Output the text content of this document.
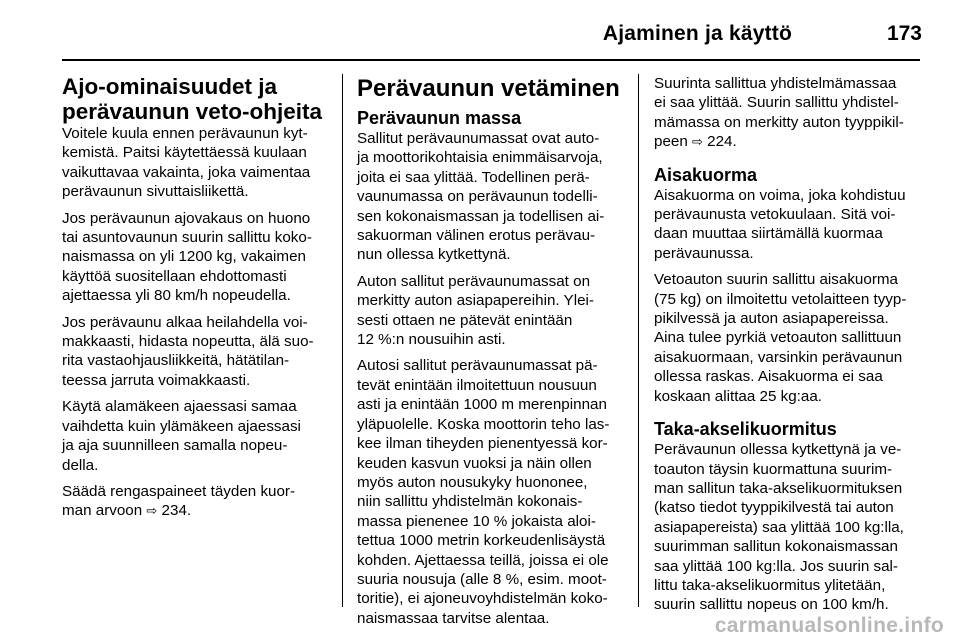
Ajaminen ja käyttö	173
Ajo-ominaisuudet ja
perävaunun veto-ohjeita
Voitele kuula ennen perävaunun kyt-
kemistä. Paitsi käytettäessä kuulaan
vaikuttavaa vakainta, joka vaimentaa
perävaunun sivuttaisliikettä.
Jos perävaunun ajovakaus on huono
tai asuntovaunun suurin sallittu koko-
naismassa on yli 1200 kg, vakaimen
käyttöä suositellaan ehdottomasti
ajettaessa yli 80 km/h nopeudella.
Jos perävaunu alkaa heilahdella voi-
makkaasti, hidasta nopeutta, älä suo-
rita vastaohjausliikkeitä, hätätilan-
teessa jarruta voimakkaasti.
Käytä alamäkeen ajaessasi samaa
vaihdetta kuin ylämäkeen ajaessasi
ja aja suunnilleen samalla nopeu-
della.
Säädä rengaspaineet täyden kuor-
man arvoon ⇨ 234.
Perävaunun vetäminen
Perävaunun massa
Sallitut perävaunumassat ovat auto-
ja moottorikohtaisia enimmäisarvoja,
joita ei saa ylittää. Todellinen perä-
vaunumassa on perävaunun todelli-
sen kokonaismassan ja todellisen ai-
sakuorman välinen erotus perävau-
nun ollessa kytkettynä.
Auton sallitut perävaunumassat on
merkitty auton asiapapereihin. Ylei-
sesti ottaen ne pätevät enintään
12 %:n nousuihin asti.
Autosi sallitut perävaunumassat pä-
tevät enintään ilmoitettuun nousuun
asti ja enintään 1000 m merenpinnan
yläpuolelle. Koska moottorin teho las-
kee ilman tiheyden pienentyessä kor-
keuden kasvun vuoksi ja näin ollen
myös auton nousukyky huononee,
niin sallittu yhdistelmän kokonais-
massa pienenee 10 % jokaista aloi-
tettua 1000 metrin korkeudenlisäystä
kohden. Ajettaessa teillä, joissa ei ole
suuria nousuja (alle 8 %, esim. moot-
toritie), ei ajoneuvoyhdistelmän koko-
naismassaa tarvitse alentaa.
Suurinta sallittua yhdistelmämassaa
ei saa ylittää. Suurin sallittu yhdistel-
mämassa on merkitty auton tyyppikil-
peen ⇨ 224.
Aisakuorma
Aisakuorma on voima, joka kohdistuu
perävaunusta vetokuulaan. Sitä voi-
daan muuttaa siirtämällä kuormaa
perävaunussa.
Vetoauton suurin sallittu aisakuorma
(75 kg) on ilmoitettu vetolaitteen tyyp-
pikilvessä ja auton asiapapereissa.
Aina tulee pyrkiä vetoauton sallittuun
aisakuormaan, varsinkin perävaunun
ollessa raskas. Aisakuorma ei saa
koskaan alittaa 25 kg:aa.
Taka-akselikuormitus
Perävaunun ollessa kytkettynä ja ve-
toauton täysin kuormattuna suurim-
man sallitun taka-akselikuormituksen
(katso tiedot tyyppikilvestä tai auton
asiapapereista) saa ylittää 100 kg:lla,
suurimman sallitun kokonaismassan
saa ylittää 100 kg:lla. Jos suurin sal-
littu taka-akselikuormitus ylitetään,
suurin sallittu nopeus on 100 km/h.
carmanualsonline.info
